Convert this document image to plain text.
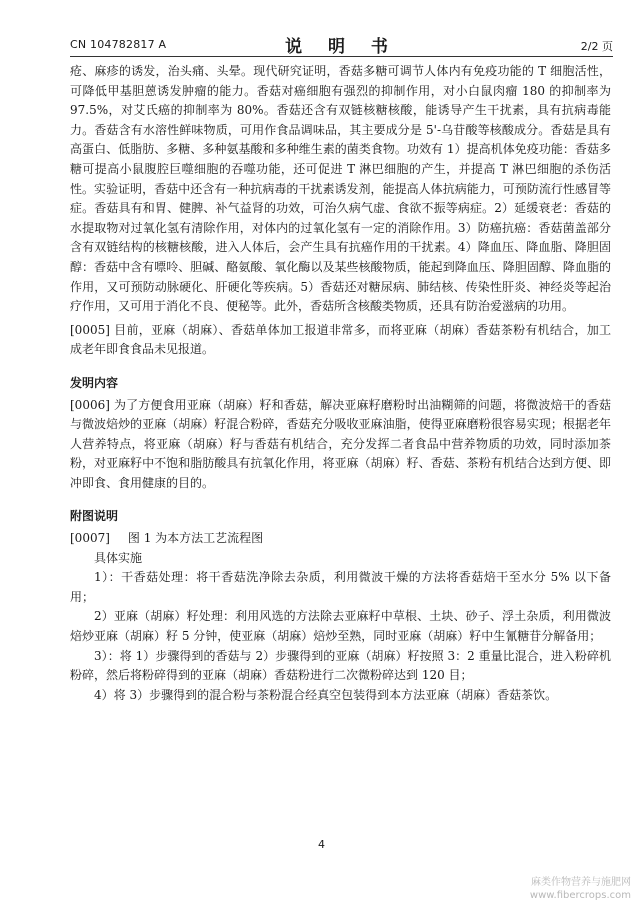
CN 104782817 A	说 明 书	2/2 页

疮、麻疹的诱发，治头痛、头晕。现代研究证明，香菇多糖可调节人体内有免疫功能的 T 细胞活性，可降低甲基胆蒽诱发肿瘤的能力。香菇对癌细胞有强烈的抑制作用，对小白鼠肉瘤 180 的抑制率为 97.5%，对艾氏癌的抑制率为 80%。香菇还含有双链核糖核酸，能诱导产生干扰素，具有抗病毒能力。香菇含有水溶性鲜味物质，可用作食品调味品，其主要成分是 5'-乌苷酸等核酸成分。香菇是具有高蛋白、低脂肪、多糖、多种氨基酸和多种维生素的菌类食物。功效有 1）提高机体免疫功能：香菇多糖可提高小鼠腹腔巨噬细胞的吞噬功能，还可促进 T 淋巴细胞的产生，并提高 T 淋巴细胞的杀伤活性。实验证明，香菇中还含有一种抗病毒的干扰素诱发剂，能提高人体抗病能力，可预防流行性感冒等症。香菇具有和胃、健脾、补气益肾的功效，可治久病气虚、食欲不振等病症。2）延缓衰老：香菇的水提取物对过氧化氢有清除作用，对体内的过氧化氢有一定的消除作用。3）防癌抗癌：香菇菌盖部分含有双链结构的核糖核酸，进入人体后，会产生具有抗癌作用的干扰素。4）降血压、降血脂、降胆固醇：香菇中含有嘌呤、胆碱、酪氨酸、氧化酶以及某些核酸物质，能起到降血压、降胆固醇、降血脂的作用，又可预防动脉硬化、肝硬化等疾病。5）香菇还对糖尿病、肺结核、传染性肝炎、神经炎等起治疗作用，又可用于消化不良、便秘等。此外，香菇所含核酸类物质，还具有防治爱滋病的功用。

[0005] 目前，亚麻（胡麻）、香菇单体加工报道非常多，而将亚麻（胡麻）香菇茶粉有机结合，加工成老年即食食品未见报道。

发明内容

[0006] 为了方便食用亚麻（胡麻）籽和香菇，解决亚麻籽磨粉时出油糊筛的问题，将微波焙干的香菇与微波焙炒的亚麻（胡麻）籽混合粉碎，香菇充分吸收亚麻油脂，使得亚麻磨粉很容易实现；根据老年人营养特点，将亚麻（胡麻）籽与香菇有机结合，充分发挥二者食品中营养物质的功效，同时添加茶粉，对亚麻籽中不饱和脂肪酸具有抗氧化作用，将亚麻（胡麻）籽、香菇、茶粉有机结合达到方便、即冲即食、食用健康的目的。

附图说明

[0007] 图 1 为本方法工艺流程图

具体实施

1）：干香菇处理：将干香菇洗净除去杂质，利用微波干燥的方法将香菇焙干至水分 5% 以下备用；

2）亚麻（胡麻）籽处理：利用风选的方法除去亚麻籽中草根、土块、砂子、浮土杂质，利用微波焙炒亚麻（胡麻）籽 5 分钟，使亚麻（胡麻）焙炒至熟，同时亚麻（胡麻）籽中生氰糖苷分解备用；

3）：将 1）步骤得到的香菇与 2）步骤得到的亚麻（胡麻）籽按照 3：2 重量比混合，进入粉碎机粉碎，然后将粉碎得到的亚麻（胡麻）香菇粉进行二次微粉碎达到 120 目；

4）将 3）步骤得到的混合粉与茶粉混合经真空包装得到本方法亚麻（胡麻）香菇茶饮。

4
麻类作物营养与施肥网
www.fibercrops.com
